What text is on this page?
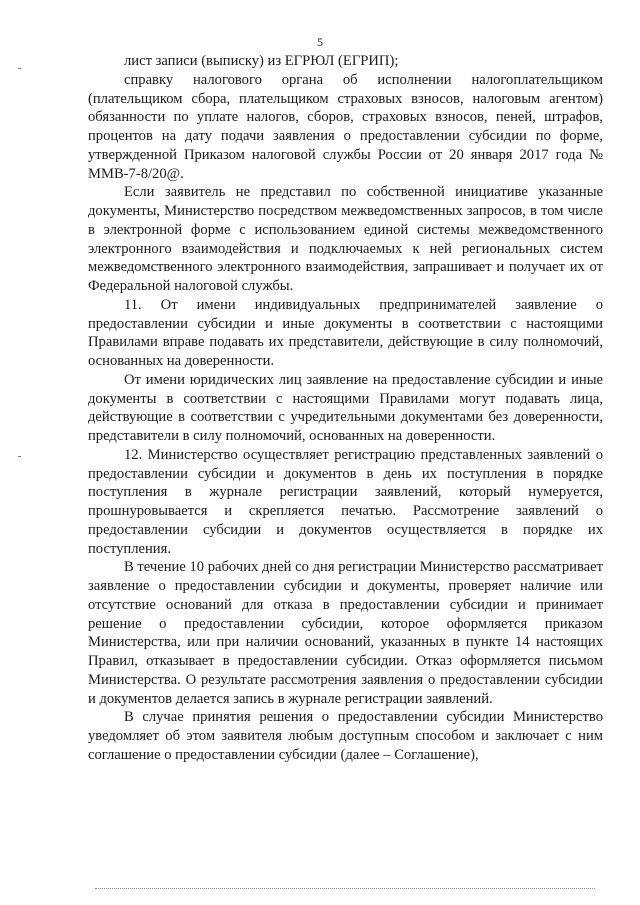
5

лист записи (выписку) из ЕГРЮЛ (ЕГРИП);

справку налогового органа об исполнении налогоплательщиком (плательщиком сбора, плательщиком страховых взносов, налоговым агентом) обязанности по уплате налогов, сборов, страховых взносов, пеней, штрафов, процентов на дату подачи заявления о предоставлении субсидии по форме, утвержденной Приказом налоговой службы России от 20 января 2017 года № ММВ-7-8/20@.

Если заявитель не представил по собственной инициативе указанные документы, Министерство посредством межведомственных запросов, в том числе в электронной форме с использованием единой системы межведомственного электронного взаимодействия и подключаемых к ней региональных систем межведомственного электронного взаимодействия, запрашивает и получает их от Федеральной налоговой службы.

11. От имени индивидуальных предпринимателей заявление о предоставлении субсидии и иные документы в соответствии с настоящими Правилами вправе подавать их представители, действующие в силу полномочий, основанных на доверенности.

От имени юридических лиц заявление на предоставление субсидии и иные документы в соответствии с настоящими Правилами могут подавать лица, действующие в соответствии с учредительными документами без доверенности, представители в силу полномочий, основанных на доверенности.

12. Министерство осуществляет регистрацию представленных заявлений о предоставлении субсидии и документов в день их поступления в порядке поступления в журнале регистрации заявлений, который нумеруется, прошнуровывается и скрепляется печатью. Рассмотрение заявлений о предоставлении субсидии и документов осуществляется в порядке их поступления.

В течение 10 рабочих дней со дня регистрации Министерство рассматривает заявление о предоставлении субсидии и документы, проверяет наличие или отсутствие оснований для отказа в предоставлении субсидии и принимает решение о предоставлении субсидии, которое оформляется приказом Министерства, или при наличии оснований, указанных в пункте 14 настоящих Правил, отказывает в предоставлении субсидии. Отказ оформляется письмом Министерства. О результате рассмотрения заявления о предоставлении субсидии и документов делается запись в журнале регистрации заявлений.

В случае принятия решения о предоставлении субсидии Министерство уведомляет об этом заявителя любым доступным способом и заключает с ним соглашение о предоставлении субсидии (далее – Соглашение),
